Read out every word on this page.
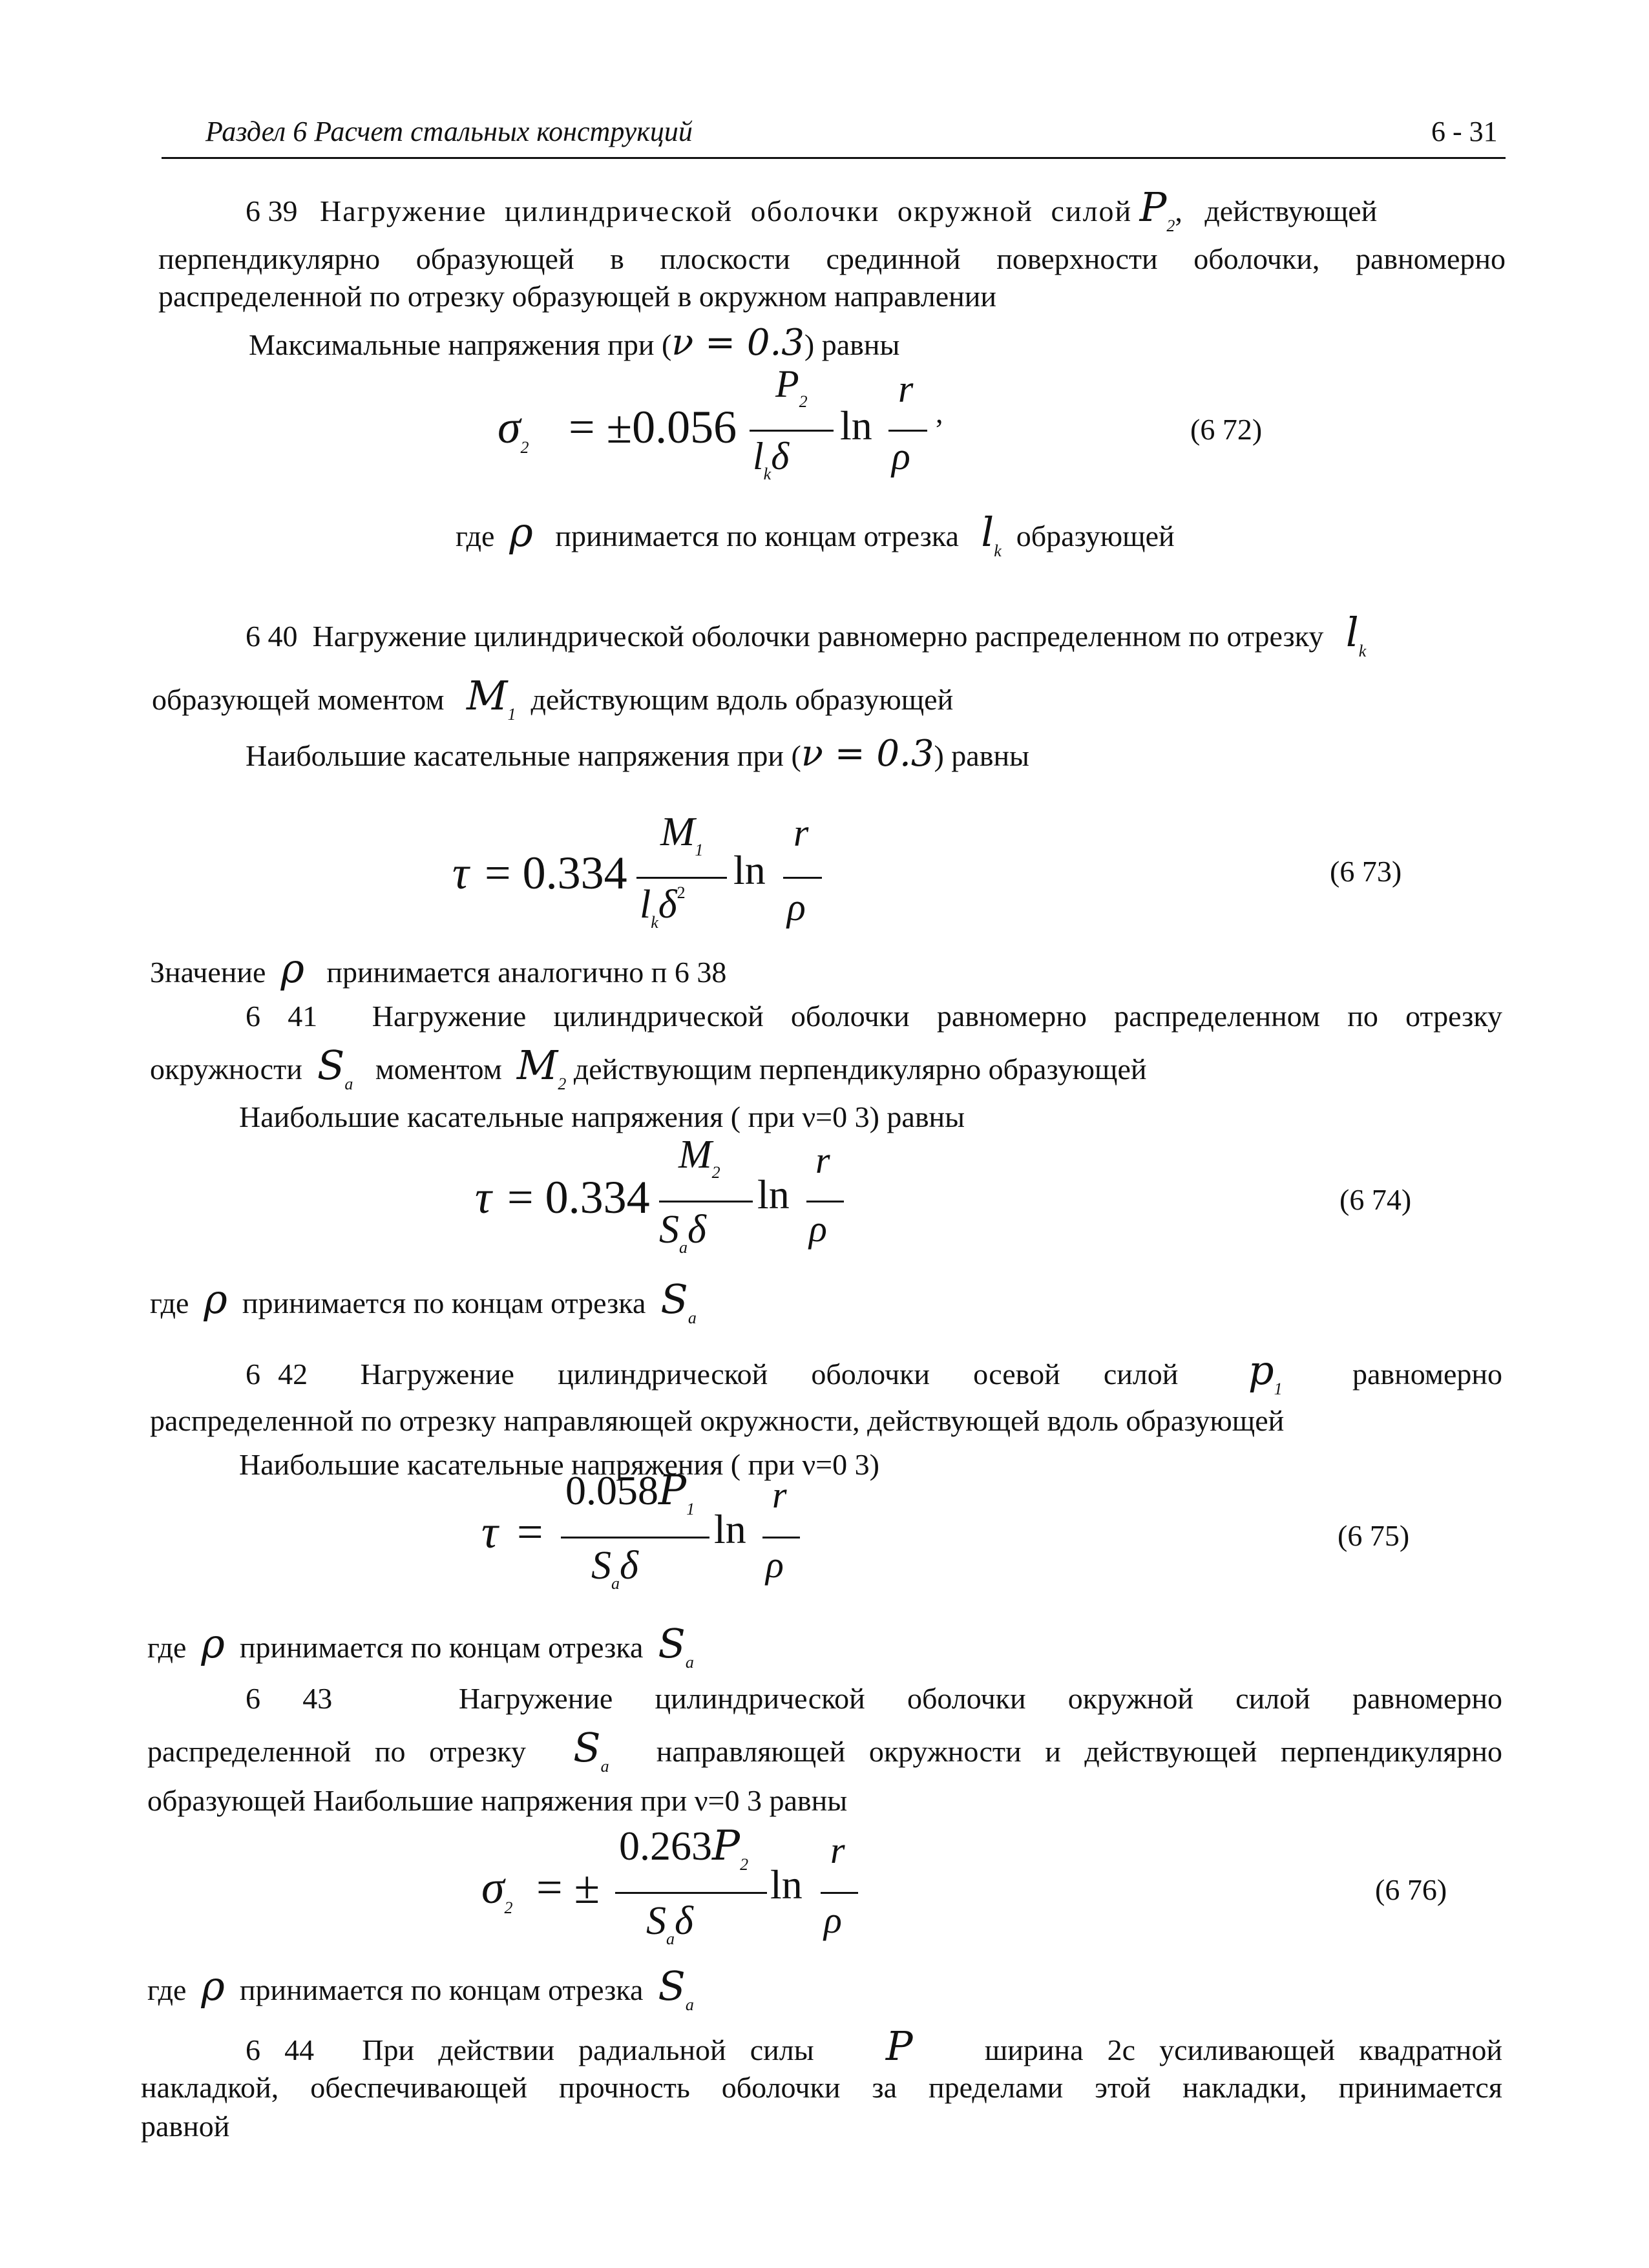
Раздел 6 Расчет стальных конструкций	6 - 31
6 39 Нагружение цилиндрической оболочки окружной силой $P_2$,   действующей
перпендикулярно образующей в плоскости срединной поверхности оболочки, равномерно
распределенной по отрезку образующей в окружном направлении
Максимальные напряжения при (ν = 0.3) равны
$\sigma_2 = \pm 0.056$
$P_2$
$l_k\delta$
ln
r
ρ
,
(6 72)
где ρ принимается по концам отрезка $l_k$ образующей
6 40 Нагружение цилиндрической оболочки равномерно распределенном по отрезку $l_k$
образующей моментом $M_1$ действующим вдоль образующей
Наибольшие касательные напряжения при (ν = 0.3) равны
τ = 0.334
$M_1$
$l_k\delta^2$ ln
r
ρ
(6 73)
Значение ρ принимается аналогично п 6 38
6 41 Нагружение цилиндрической оболочки равномерно распределенном по отрезку
окружности $S_a$ моментом $M_2$ действующим перпендикулярно образующей
Наибольшие касательные напряжения ( при ν=0 3) равны
τ = 0.334
$M_2$
$S_a\delta$
ln
r
ρ
(6 74)
где ρ принимается по концам отрезка $S_a$
6 42 Нагружение цилиндрической оболочки осевой силой $p_1$ равномерно
распределенной по отрезку направляющей окружности, действующей вдоль образующей
Наибольшие касательные напряжения ( при ν=0 3)
τ =
$0.058P_1$
$S_a\delta$
ln
r
ρ
(6 75)
где ρ принимается по концам отрезка $S_a$
6 43	Нагружение цилиндрической оболочки окружной силой равномерно
распределенной по отрезку $S_a$ направляющей окружности и действующей перпендикулярно
образующей Наибольшие напряжения при ν=0 3 равны
$\sigma_2$ = ±
$0.263P_2$
$S_a\delta$
ln
r
ρ
(6 76)
где ρ принимается по концам отрезка $S_a$
6 44 При действии радиальной силы P ширина 2c усиливающей квадратной
накладкой, обеспечивающей прочность оболочки за пределами этой накладки, принимается
равной
